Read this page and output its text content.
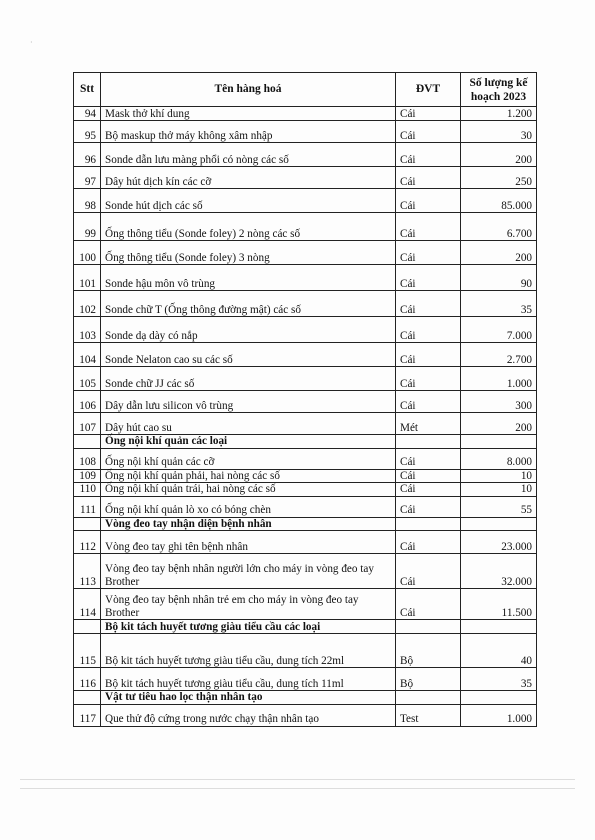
·
Stt	Tên hàng hoá	ĐVT	Số lượng kế hoạch 2023
94	Mask thở khí dung	Cái	1.200
95	Bộ maskup thở máy không xâm nhập	Cái	30
96	Sonde dẫn lưu màng phổi có nòng các số	Cái	200
97	Dây hút dịch kín các cỡ	Cái	250
98	Sonde hút dịch các số	Cái	85.000
99	Ống thông tiểu (Sonde foley) 2 nòng các số	Cái	6.700
100	Ống thông tiểu (Sonde foley) 3 nòng	Cái	200
101	Sonde hậu môn vô trùng	Cái	90
102	Sonde chữ T (Ống thông đường mật) các số	Cái	35
103	Sonde dạ dày có nắp	Cái	7.000
104	Sonde Nelaton cao su các số	Cái	2.700
105	Sonde chữ JJ các số	Cái	1.000
106	Dây dẫn lưu silicon vô trùng	Cái	300
107	Dây hút cao su	Mét	200
	Ống nội khí quản các loại		
108	Ống nội khí quản các cỡ	Cái	8.000
109	Ống nội khí quản phải, hai nòng các số	Cái	10
110	Ống nội khí quản trái, hai nòng các số	Cái	10
111	Ống nội khí quản lò xo có bóng chèn	Cái	55
	Vòng đeo tay nhận diện bệnh nhân		
112	Vòng đeo tay ghi tên bệnh nhân	Cái	23.000
113	Vòng đeo tay bệnh nhân người lớn cho máy in vòng đeo tay Brother	Cái	32.000
114	Vòng đeo tay bệnh nhân trẻ em cho máy in vòng đeo tay Brother	Cái	11.500
	Bộ kit tách huyết tương giàu tiểu cầu các loại		
115	Bộ kit tách huyết tương giàu tiểu cầu, dung tích 22ml	Bộ	40
116	Bộ kit tách huyết tương giàu tiểu cầu, dung tích 11ml	Bộ	35
	Vật tư tiêu hao lọc thận nhân tạo		
117	Que thử độ cứng trong nước chạy thận nhân tạo	Test	1.000
